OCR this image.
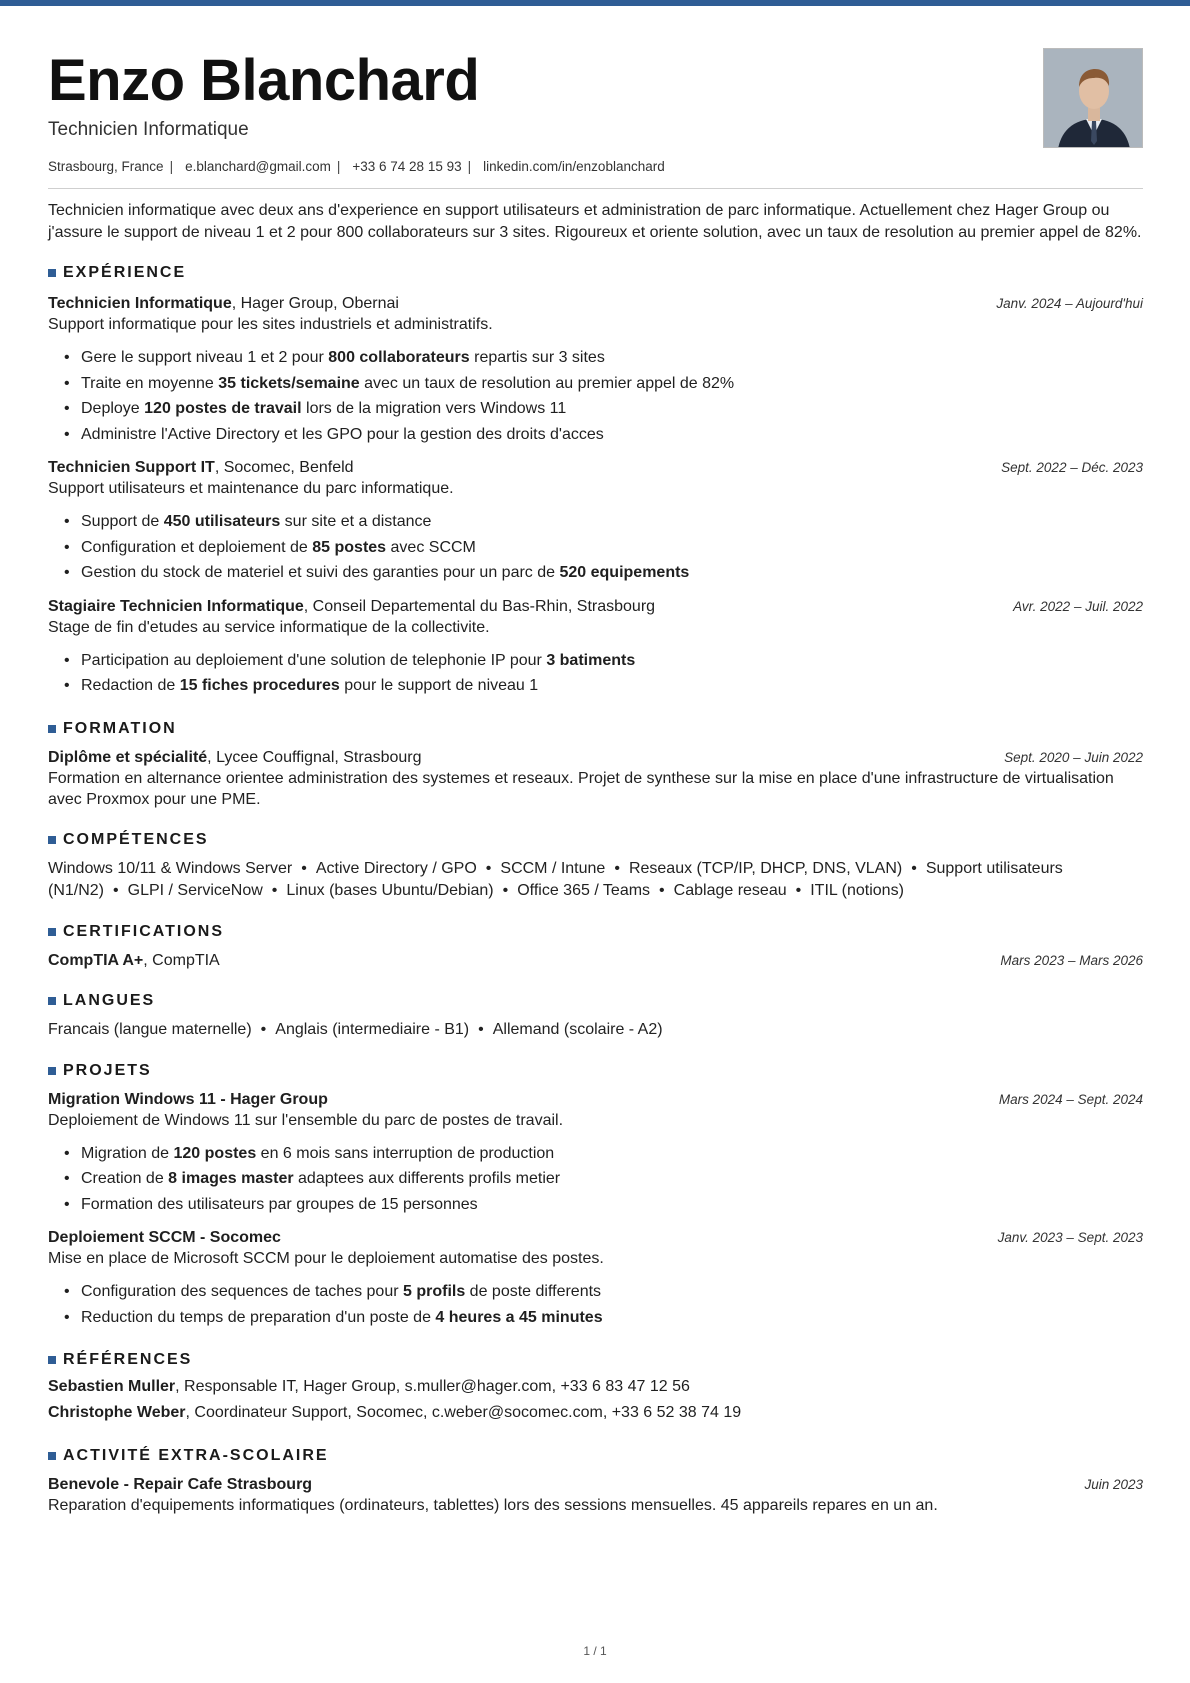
Enzo Blanchard
Technicien Informatique
Strasbourg, France | e.blanchard@gmail.com | +33 6 74 28 15 93 | linkedin.com/in/enzoblanchard

Technicien informatique avec deux ans d'experience en support utilisateurs et administration de parc informatique. Actuellement chez Hager Group ou j'assure le support de niveau 1 et 2 pour 800 collaborateurs sur 3 sites. Rigoureux et oriente solution, avec un taux de resolution au premier appel de 82%.

EXPÉRIENCE
Technicien Informatique, Hager Group, Obernai	Janv. 2024 – Aujourd'hui
Support informatique pour les sites industriels et administratifs.
• Gere le support niveau 1 et 2 pour 800 collaborateurs repartis sur 3 sites
• Traite en moyenne 35 tickets/semaine avec un taux de resolution au premier appel de 82%
• Deploye 120 postes de travail lors de la migration vers Windows 11
• Administre l'Active Directory et les GPO pour la gestion des droits d'acces
Technicien Support IT, Socomec, Benfeld	Sept. 2022 – Déc. 2023
Support utilisateurs et maintenance du parc informatique.
• Support de 450 utilisateurs sur site et a distance
• Configuration et deploiement de 85 postes avec SCCM
• Gestion du stock de materiel et suivi des garanties pour un parc de 520 equipements
Stagiaire Technicien Informatique, Conseil Departemental du Bas-Rhin, Strasbourg	Avr. 2022 – Juil. 2022
Stage de fin d'etudes au service informatique de la collectivite.
• Participation au deploiement d'une solution de telephonie IP pour 3 batiments
• Redaction de 15 fiches procedures pour le support de niveau 1
FORMATION
Diplôme et spécialité, Lycee Couffignal, Strasbourg	Sept. 2020 – Juin 2022
Formation en alternance orientee administration des systemes et reseaux. Projet de synthese sur la mise en place d'une infrastructure de virtualisation avec Proxmox pour une PME.
COMPÉTENCES
Windows 10/11 & Windows Server • Active Directory / GPO • SCCM / Intune • Reseaux (TCP/IP, DHCP, DNS, VLAN) • Support utilisateurs (N1/N2) • GLPI / ServiceNow • Linux (bases Ubuntu/Debian) • Office 365 / Teams • Cablage reseau • ITIL (notions)
CERTIFICATIONS
CompTIA A+, CompTIA	Mars 2023 – Mars 2026
LANGUES
Francais (langue maternelle) • Anglais (intermediaire - B1) • Allemand (scolaire - A2)
PROJETS
Migration Windows 11 - Hager Group	Mars 2024 – Sept. 2024
Deploiement de Windows 11 sur l'ensemble du parc de postes de travail.
• Migration de 120 postes en 6 mois sans interruption de production
• Creation de 8 images master adaptees aux differents profils metier
• Formation des utilisateurs par groupes de 15 personnes
Deploiement SCCM - Socomec	Janv. 2023 – Sept. 2023
Mise en place de Microsoft SCCM pour le deploiement automatise des postes.
• Configuration des sequences de taches pour 5 profils de poste differents
• Reduction du temps de preparation d'un poste de 4 heures a 45 minutes
RÉFÉRENCES
Sebastien Muller, Responsable IT, Hager Group, s.muller@hager.com, +33 6 83 47 12 56
Christophe Weber, Coordinateur Support, Socomec, c.weber@socomec.com, +33 6 52 38 74 19
ACTIVITÉ EXTRA-SCOLAIRE
Benevole - Repair Cafe Strasbourg	Juin 2023
Reparation d'equipements informatiques (ordinateurs, tablettes) lors des sessions mensuelles. 45 appareils repares en un an.
1 / 1
